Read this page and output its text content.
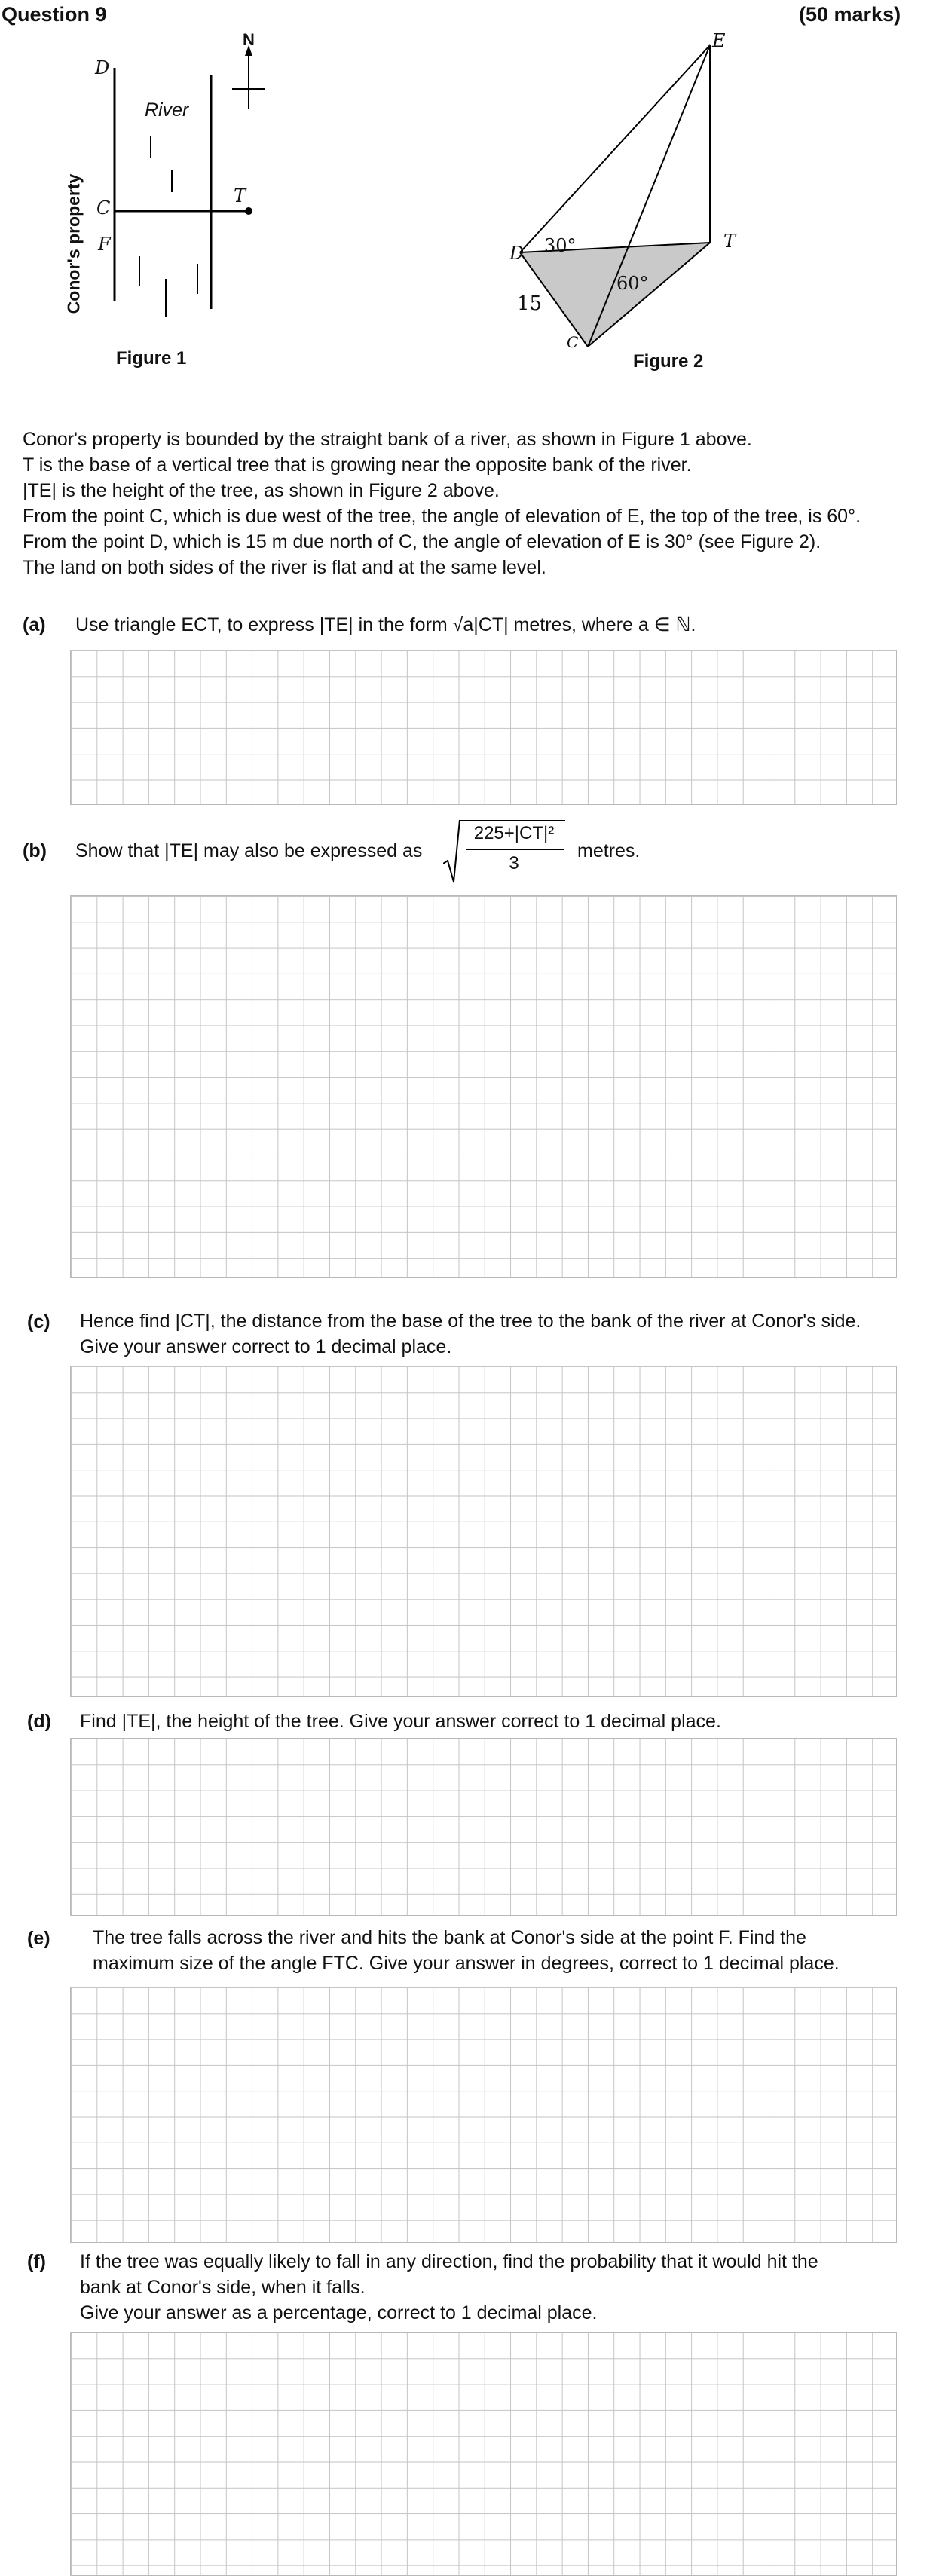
Question 9	(50 marks)
N
D
C
F
T
River
Conor's property
Figure 1
E
D
T
C
30°
60°
15
Figure 2
Conor's property is bounded by the straight bank of a river, as shown in Figure 1 above.
T is the base of a vertical tree that is growing near the opposite bank of the river.
|TE| is the height of the tree, as shown in Figure 2 above.
From the point C, which is due west of the tree, the angle of elevation of E, the top of the tree, is 60°.
From the point D, which is 15 m due north of C, the angle of elevation of E is 30° (see Figure 2).
The land on both sides of the river is flat and at the same level.
(a) Use triangle ECT, to express |TE| in the form √a|CT| metres, where a ∈ ℕ.
(b) Show that |TE| may also be expressed as
225+|CT|²
3
metres.
(c) Hence find |CT|, the distance from the base of the tree to the bank of the river at Conor's side.
Give your answer correct to 1 decimal place.
(d) Find |TE|, the height of the tree. Give your answer correct to 1 decimal place.
(e) The tree falls across the river and hits the bank at Conor's side at the point F. Find the
maximum size of the angle FTC. Give your answer in degrees, correct to 1 decimal place.
(f) If the tree was equally likely to fall in any direction, find the probability that it would hit the
bank at Conor's side, when it falls.
Give your answer as a percentage, correct to 1 decimal place.
